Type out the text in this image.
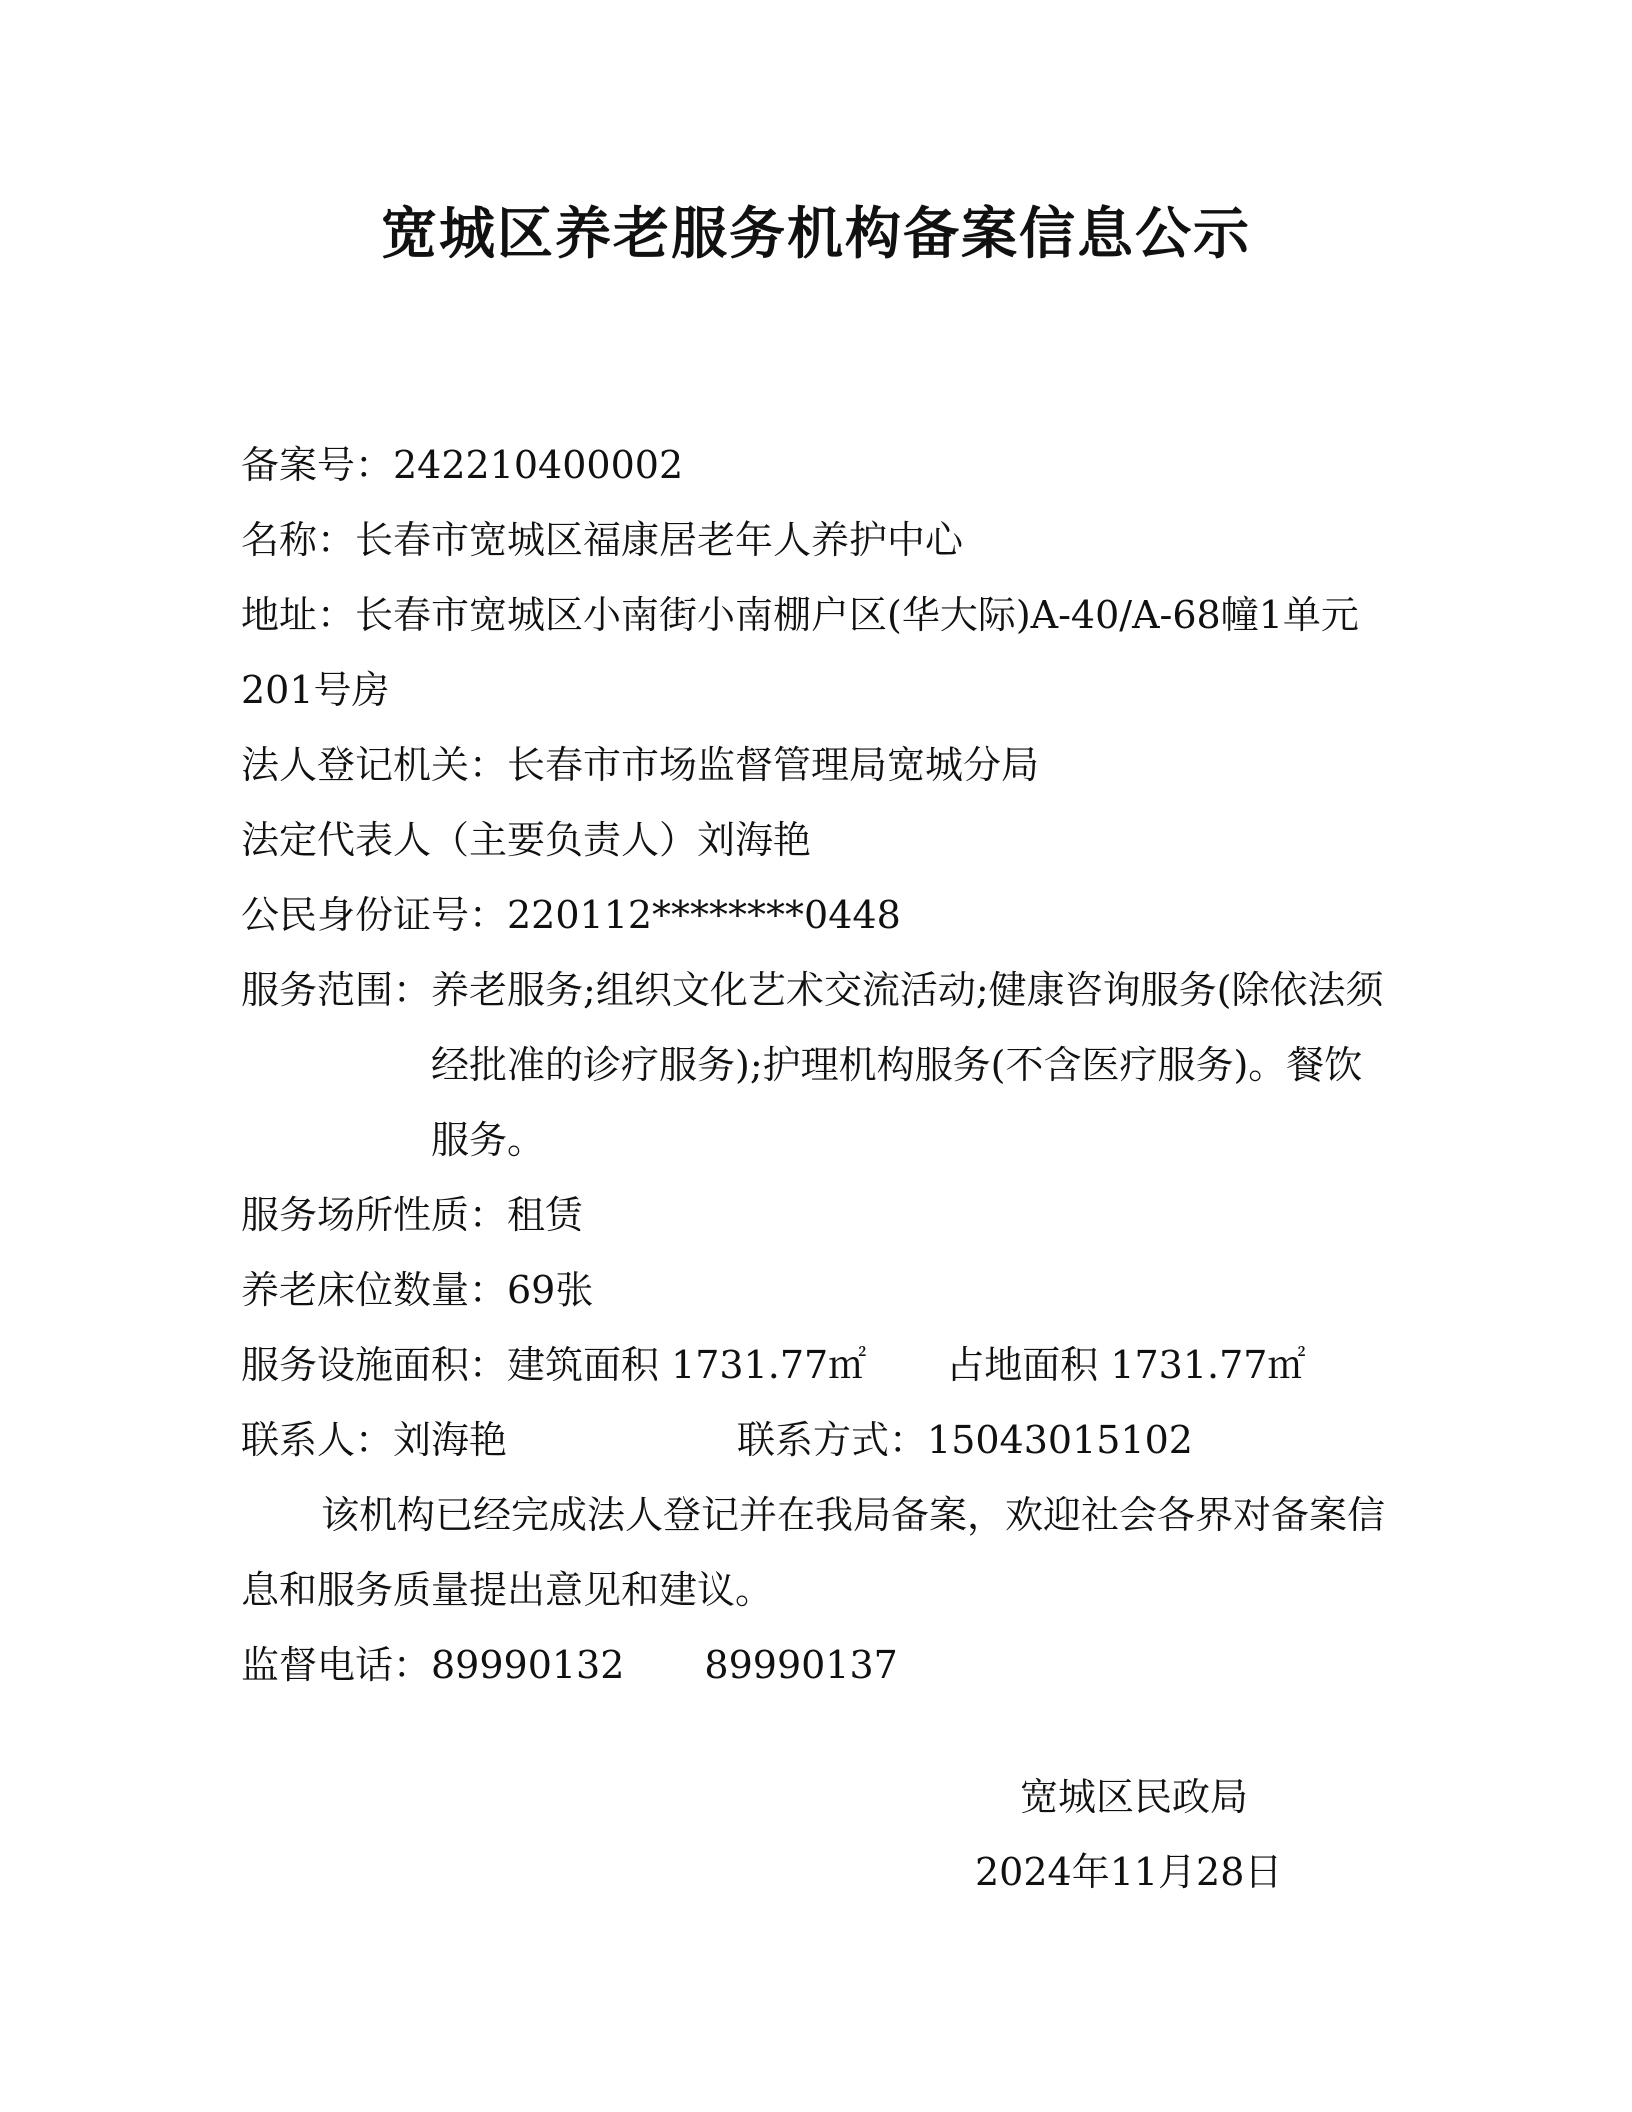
宽城区养老服务机构备案信息公示
备案号：242210400002
名称：长春市宽城区福康居老年人养护中心
地址：长春市宽城区小南街小南棚户区(华大际)A-40/A-68幢1单元201号房
法人登记机关：长春市市场监督管理局宽城分局
法定代表人（主要负责人）刘海艳
公民身份证号：220112********0448
服务范围： 养老服务;组织文化艺术交流活动;健康咨询服务(除依法须经批准的诊疗服务);护理机构服务(不含医疗服务)。餐饮服务。
服务场所性质：租赁
养老床位数量：69张
服务设施面积：建筑面积 1731.77㎡ 占地面积 1731.77㎡
联系人：刘海艳	联系方式：15043015102
该机构已经完成法人登记并在我局备案，欢迎社会各界对备案信息和服务质量提出意见和建议。
监督电话：89990132 89990137
宽城区民政局
2024年11月28日
